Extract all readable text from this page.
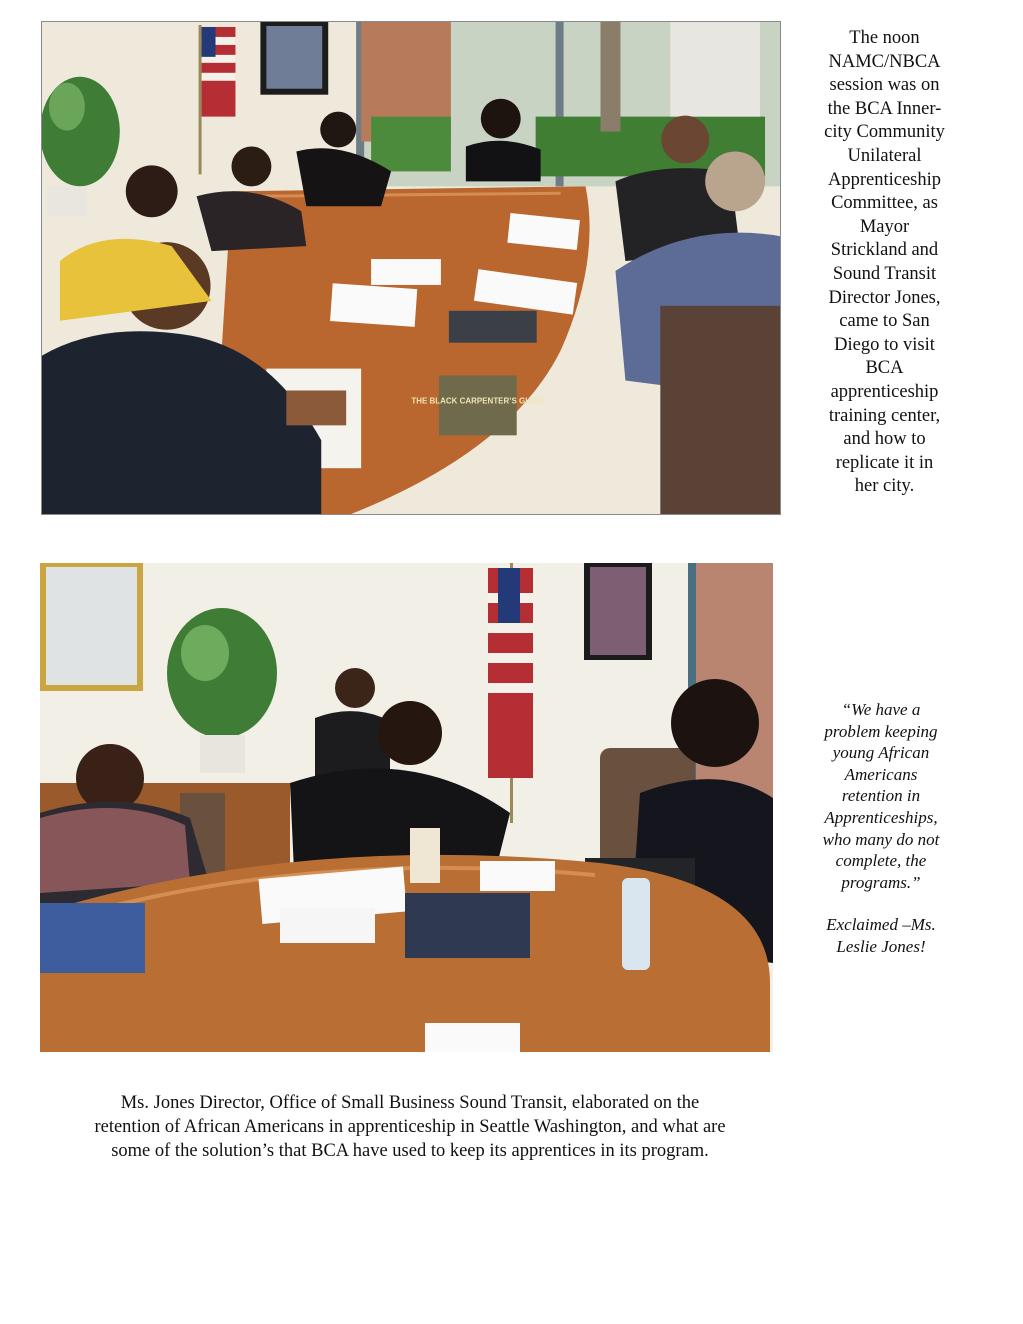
THE BLACK CARPENTER’S GUIDE
The noon
NAMC/NBCA
session was on
the BCA Inner-
city Community
Unilateral
Apprenticeship
Committee, as
Mayor
Strickland and
Sound Transit
Director Jones,
came to San
Diego to visit
BCA
apprenticeship
training center,
and how to
replicate it in
her city.
“We have a
problem keeping
young African
Americans
retention in
Apprenticeships,
who many do not
complete, the
programs.”
Exclaimed –Ms.
Leslie Jones!
Ms. Jones Director, Office of Small Business Sound Transit, elaborated on the
retention of African Americans in apprenticeship in Seattle Washington, and what are
some of the solution’s that BCA have used to keep its apprentices in its program.
